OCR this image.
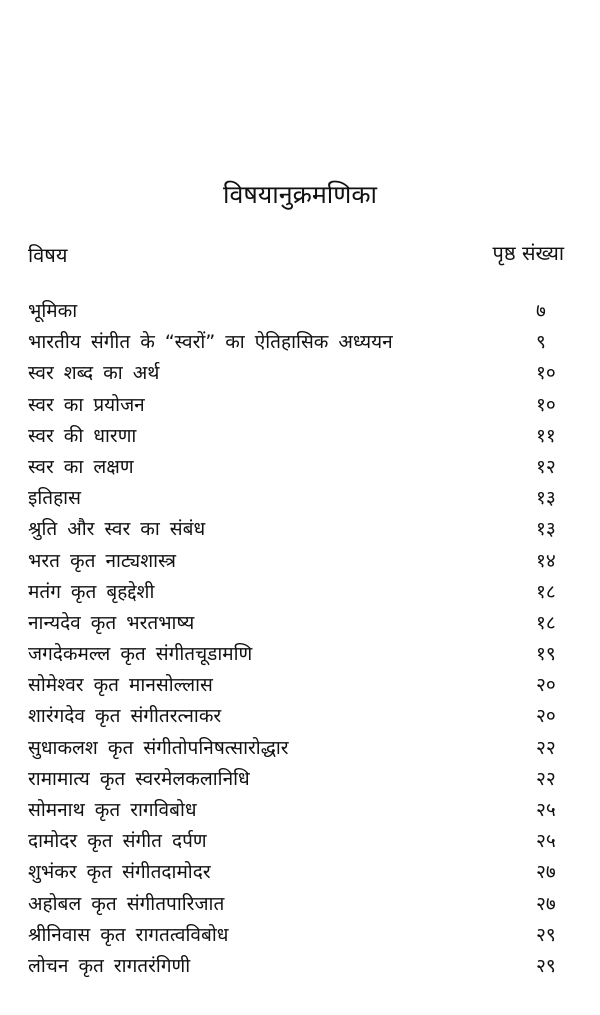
विषयानुक्रमणिका
विषय	पृष्ठ संख्या
भूमिका	७
भारतीय संगीत के “स्वरों” का ऐतिहासिक अध्ययन	९
स्वर शब्द का अर्थ	१०
स्वर का प्रयोजन	१०
स्वर की धारणा	११
स्वर का लक्षण	१२
इतिहास	१३
श्रुति और स्वर का संबंध	१३
भरत कृत नाट्यशास्त्र	१४
मतंग कृत बृहद्देशी	१८
नान्यदेव कृत भरतभाष्य	१८
जगदेकमल्ल कृत संगीतचूडामणि	१९
सोमेश्वर कृत मानसोल्लास	२०
शारंगदेव कृत संगीतरत्नाकर	२०
सुधाकलश कृत संगीतोपनिषत्सारोद्धार	२२
रामामात्य कृत स्वरमेलकलानिधि	२२
सोमनाथ कृत रागविबोध	२५
दामोदर कृत संगीत दर्पण	२५
शुभंकर कृत संगीतदामोदर	२७
अहोबल कृत संगीतपारिजात	२७
श्रीनिवास कृत रागतत्वविबोध	२९
लोचन कृत रागतरंगिणी	२९
